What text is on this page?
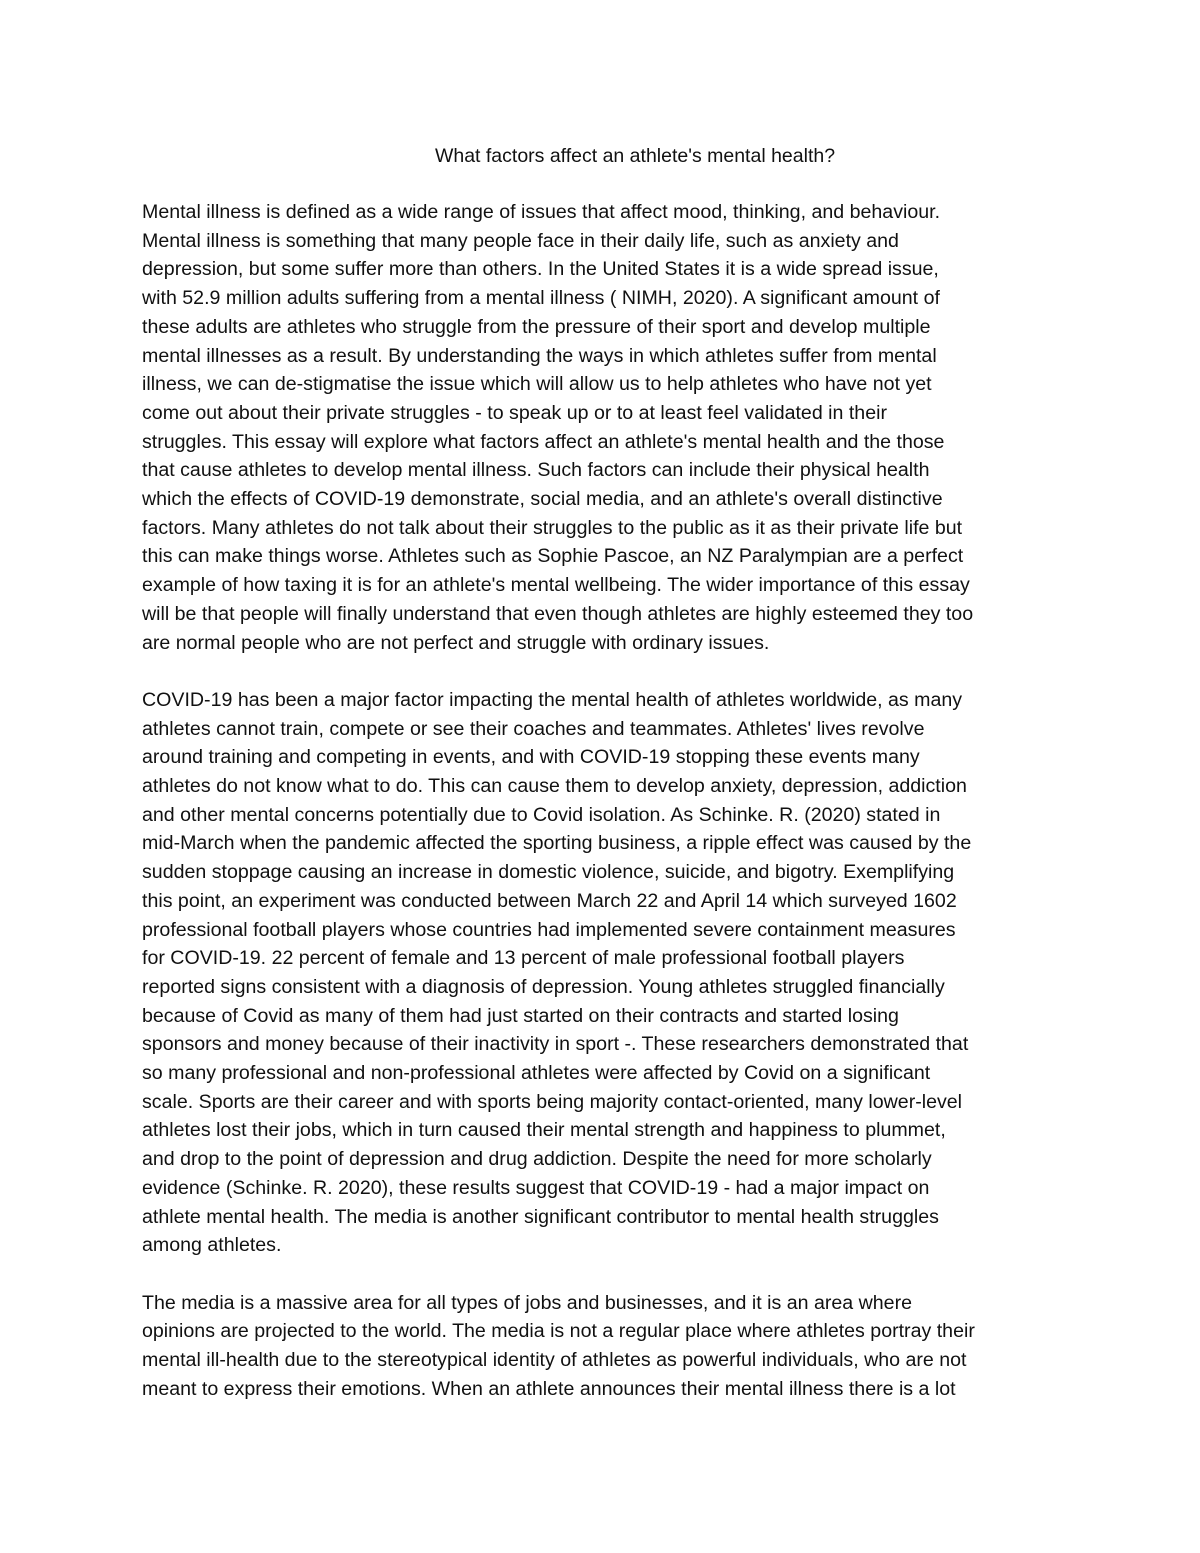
What factors affect an athlete's mental health?

Mental illness is defined as a wide range of issues that affect mood, thinking, and behaviour.
Mental illness is something that many people face in their daily life, such as anxiety and
depression, but some suffer more than others. In the United States it is a wide spread issue,
with 52.9 million adults suffering from a mental illness ( NIMH, 2020). A significant amount of
these adults are athletes who struggle from the pressure of their sport and develop multiple
mental illnesses as a result. By understanding the ways in which athletes suffer from mental
illness, we can de-stigmatise the issue which will allow us to help athletes who have not yet
come out about their private struggles - to speak up or to at least feel validated in their
struggles. This essay will explore what factors affect an athlete's mental health and the those
that cause athletes to develop mental illness. Such factors can include their physical health
which the effects of COVID-19 demonstrate, social media, and an athlete's overall distinctive
factors. Many athletes do not talk about their struggles to the public as it as their private life but
this can make things worse. Athletes such as Sophie Pascoe, an NZ Paralympian are a perfect
example of how taxing it is for an athlete's mental wellbeing. The wider importance of this essay
will be that people will finally understand that even though athletes are highly esteemed they too
are normal people who are not perfect and struggle with ordinary issues.

COVID-19 has been a major factor impacting the mental health of athletes worldwide, as many
athletes cannot train, compete or see their coaches and teammates. Athletes' lives revolve
around training and competing in events, and with COVID-19 stopping these events many
athletes do not know what to do. This can cause them to develop anxiety, depression, addiction
and other mental concerns potentially due to Covid isolation. As Schinke. R. (2020) stated in
mid-March when the pandemic affected the sporting business, a ripple effect was caused by the
sudden stoppage causing an increase in domestic violence, suicide, and bigotry. Exemplifying
this point, an experiment was conducted between March 22 and April 14 which surveyed 1602
professional football players whose countries had implemented severe containment measures
for COVID-19. 22 percent of female and 13 percent of male professional football players
reported signs consistent with a diagnosis of depression. Young athletes struggled financially
because of Covid as many of them had just started on their contracts and started losing
sponsors and money because of their inactivity in sport -. These researchers demonstrated that
so many professional and non-professional athletes were affected by Covid on a significant
scale. Sports are their career and with sports being majority contact-oriented, many lower-level
athletes lost their jobs, which in turn caused their mental strength and happiness to plummet,
and drop to the point of depression and drug addiction. Despite the need for more scholarly
evidence (Schinke. R. 2020), these results suggest that COVID-19 - had a major impact on
athlete mental health. The media is another significant contributor to mental health struggles
among athletes.

The media is a massive area for all types of jobs and businesses, and it is an area where
opinions are projected to the world. The media is not a regular place where athletes portray their
mental ill-health due to the stereotypical identity of athletes as powerful individuals, who are not
meant to express their emotions. When an athlete announces their mental illness there is a lot
